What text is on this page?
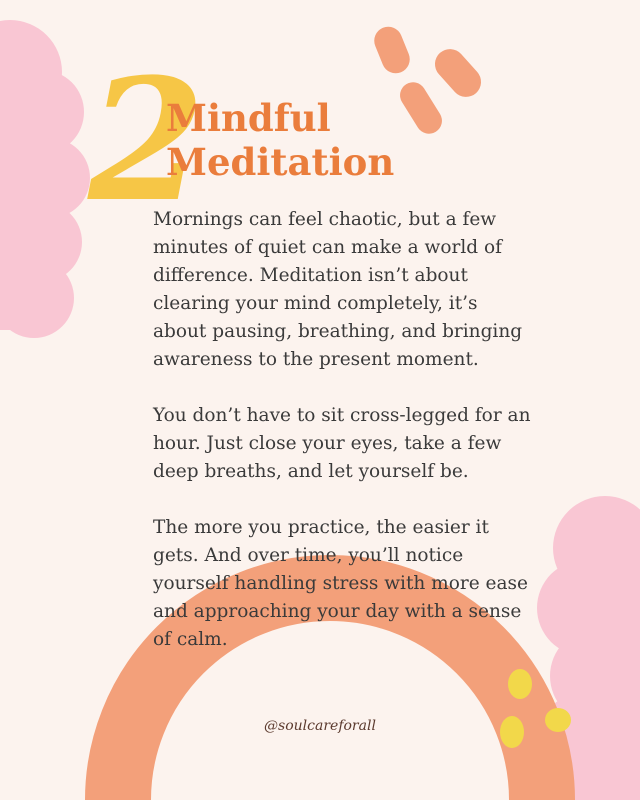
2
Mindful
Meditation

Mornings can feel chaotic, but a few minutes of quiet can make a world of difference. Meditation isn’t about clearing your mind completely, it’s about pausing, breathing, and bringing awareness to the present moment.

You don’t have to sit cross-legged for an hour. Just close your eyes, take a few deep breaths, and let yourself be.

The more you practice, the easier it gets. And over time, you’ll notice yourself handling stress with more ease and approaching your day with a sense of calm.

@soulcareforall
